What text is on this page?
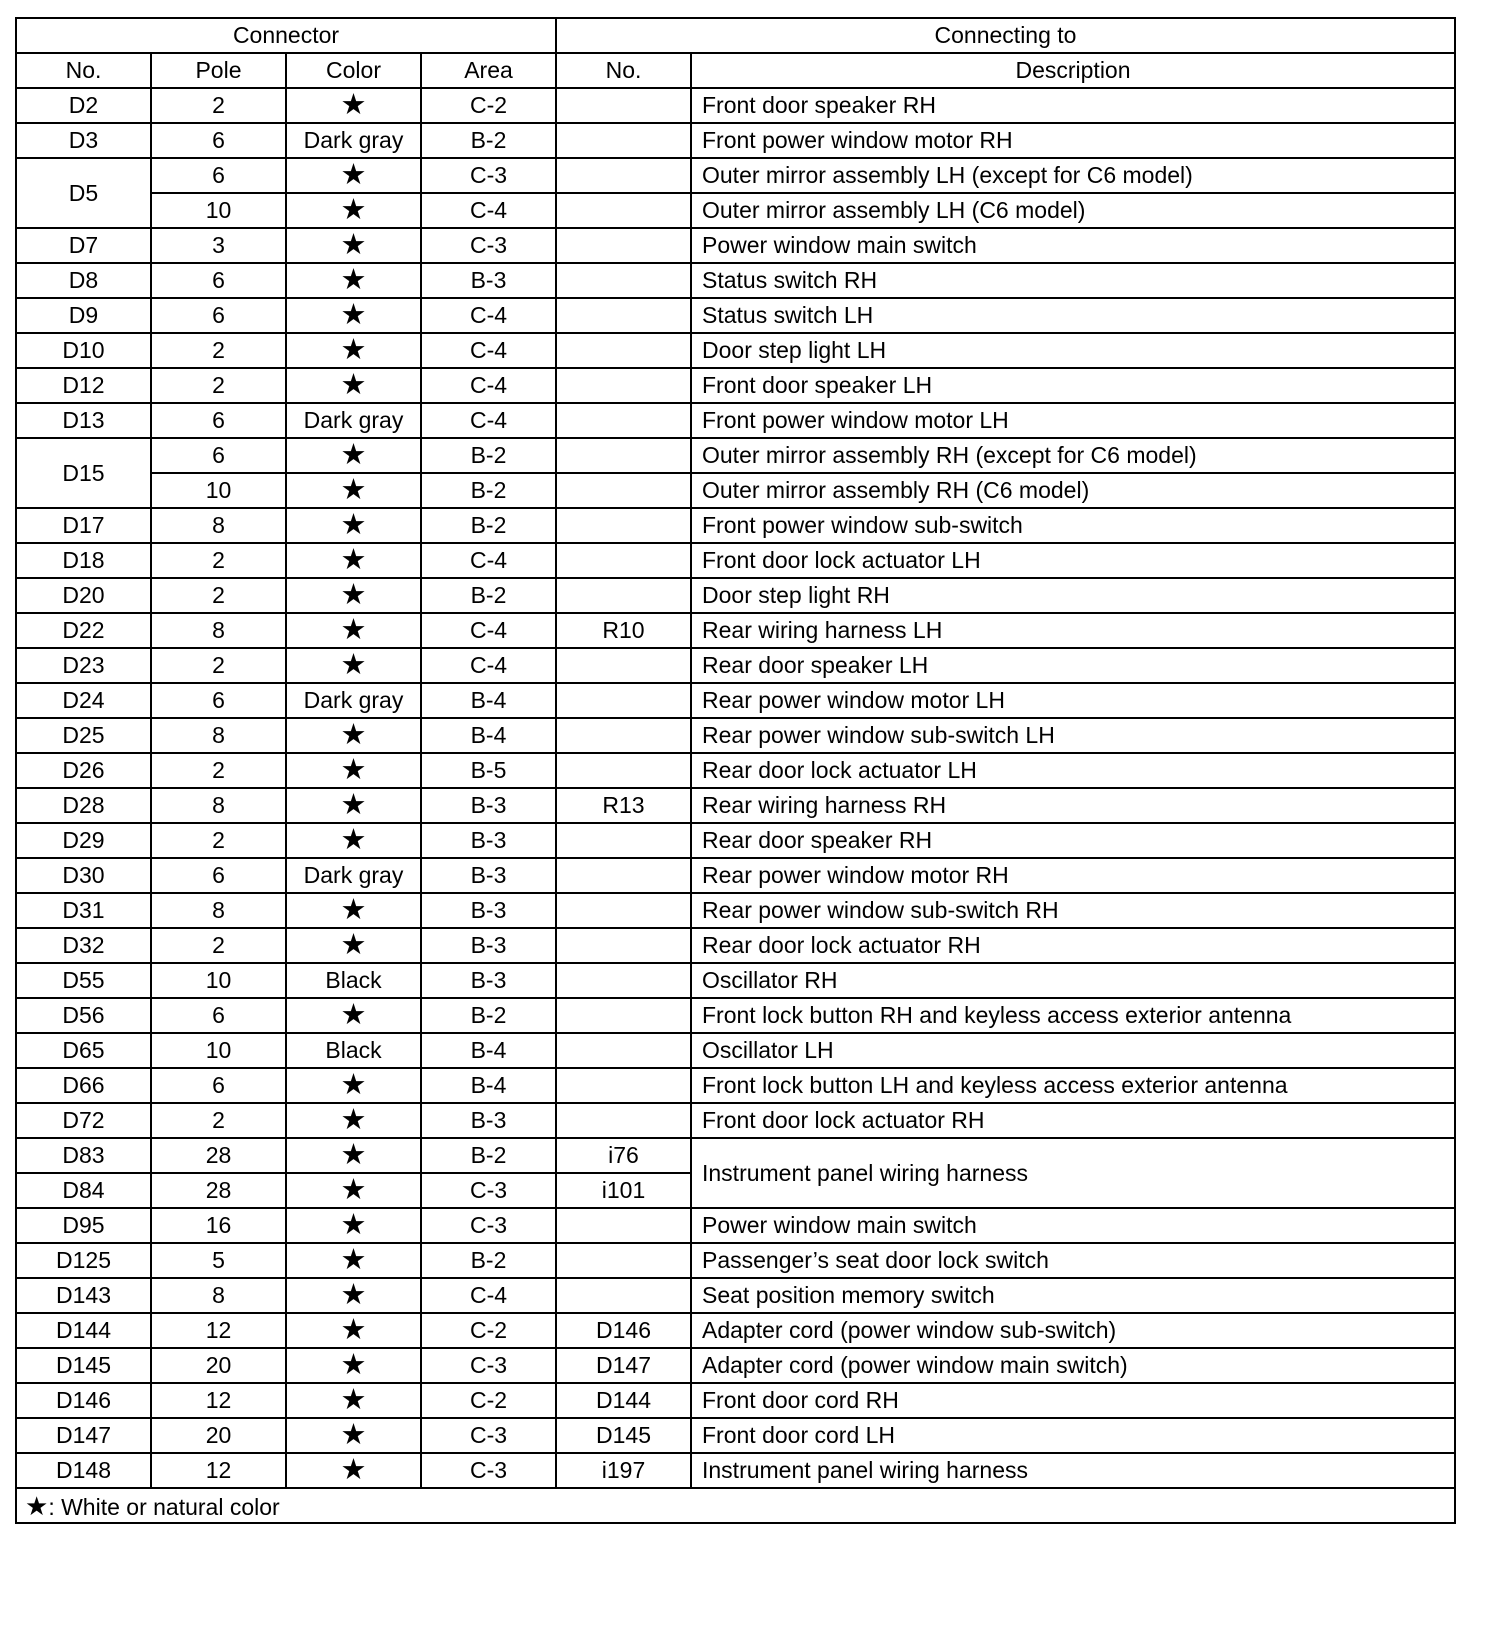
Connector				Connecting to	
No.	Pole	Color	Area	No.	Description
D2	2	★	C-2		Front door speaker RH
D3	6	Dark gray	B-2		Front power window motor RH
D5	6	★	C-3		Outer mirror assembly LH (except for C6 model)
	10	★	C-4		Outer mirror assembly LH (C6 model)
D7	3	★	C-3		Power window main switch
D8	6	★	B-3		Status switch RH
D9	6	★	C-4		Status switch LH
D10	2	★	C-4		Door step light LH
D12	2	★	C-4		Front door speaker LH
D13	6	Dark gray	C-4		Front power window motor LH
D15	6	★	B-2		Outer mirror assembly RH (except for C6 model)
	10	★	B-2		Outer mirror assembly RH (C6 model)
D17	8	★	B-2		Front power window sub-switch
D18	2	★	C-4		Front door lock actuator LH
D20	2	★	B-2		Door step light RH
D22	8	★	C-4	R10	Rear wiring harness LH
D23	2	★	C-4		Rear door speaker LH
D24	6	Dark gray	B-4		Rear power window motor LH
D25	8	★	B-4		Rear power window sub-switch LH
D26	2	★	B-5		Rear door lock actuator LH
D28	8	★	B-3	R13	Rear wiring harness RH
D29	2	★	B-3		Rear door speaker RH
D30	6	Dark gray	B-3		Rear power window motor RH
D31	8	★	B-3		Rear power window sub-switch RH
D32	2	★	B-3		Rear door lock actuator RH
D55	10	Black	B-3		Oscillator RH
D56	6	★	B-2		Front lock button RH and keyless access exterior antenna
D65	10	Black	B-4		Oscillator LH
D66	6	★	B-4		Front lock button LH and keyless access exterior antenna
D72	2	★	B-3		Front door lock actuator RH
D83	28	★	B-2	i76	Instrument panel wiring harness
D84	28	★	C-3	i101	
D95	16	★	C-3		Power window main switch
D125	5	★	B-2		Passenger’s seat door lock switch
D143	8	★	C-4		Seat position memory switch
D144	12	★	C-2	D146	Adapter cord (power window sub-switch)
D145	20	★	C-3	D147	Adapter cord (power window main switch)
D146	12	★	C-2	D144	Front door cord RH
D147	20	★	C-3	D145	Front door cord LH
D148	12	★	C-3	i197	Instrument panel wiring harness
★: White or natural color					
